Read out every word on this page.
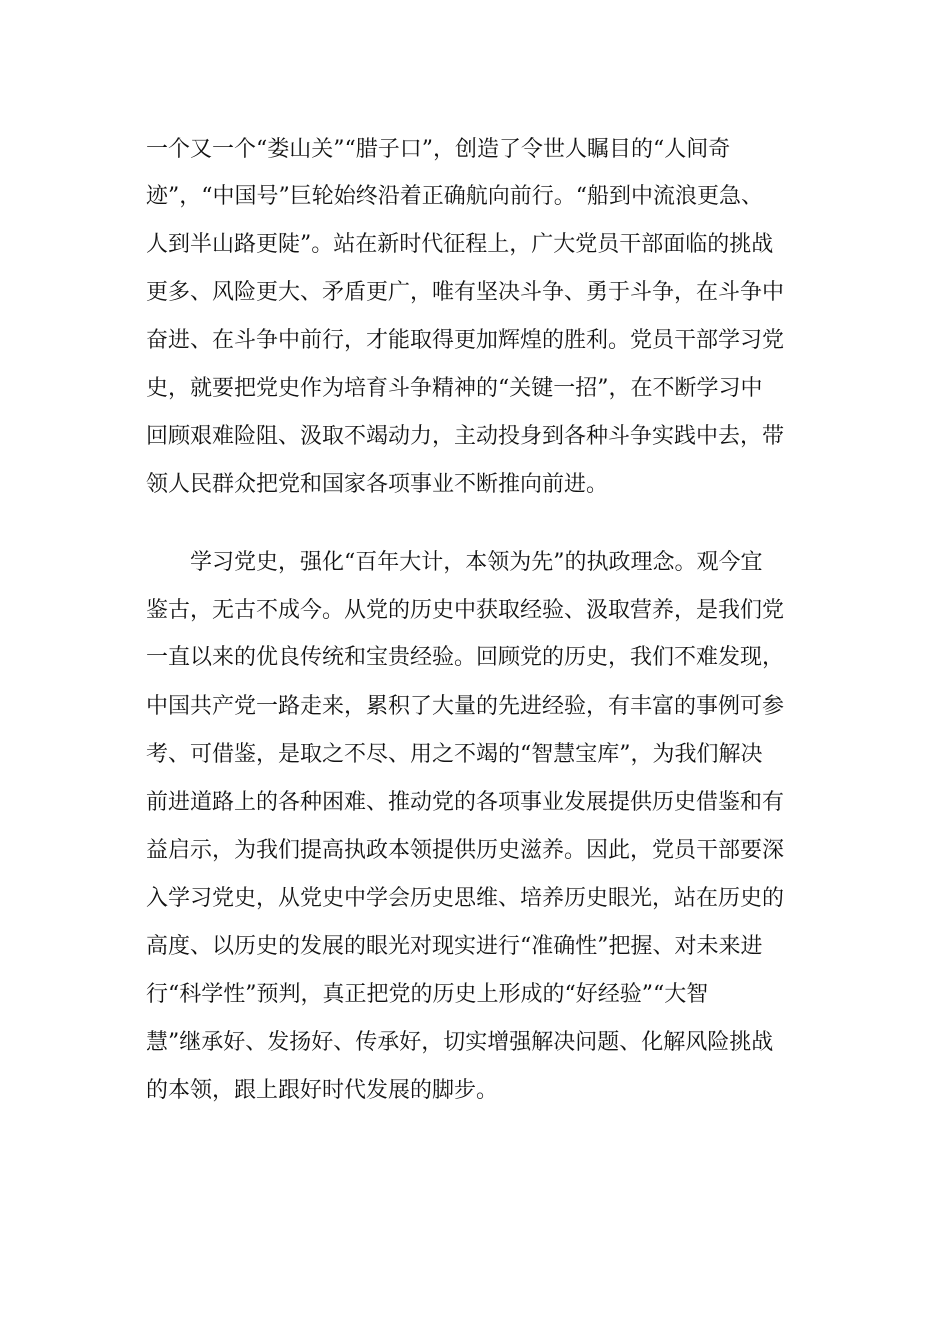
一个又一个“娄山关”“腊子口”，创造了令世人瞩目的“人间奇

迹”，“中国号”巨轮始终沿着正确航向前行。“船到中流浪更急、

人到半山路更陡”。站在新时代征程上，广大党员干部面临的挑战

更多、风险更大、矛盾更广，唯有坚决斗争、勇于斗争，在斗争中

奋进、在斗争中前行，才能取得更加辉煌的胜利。党员干部学习党

史，就要把党史作为培育斗争精神的“关键一招”，在不断学习中

回顾艰难险阻、汲取不竭动力，主动投身到各种斗争实践中去，带

领人民群众把党和国家各项事业不断推向前进。

学习党史，强化“百年大计，本领为先”的执政理念。观今宜

鉴古，无古不成今。从党的历史中获取经验、汲取营养，是我们党

一直以来的优良传统和宝贵经验。回顾党的历史，我们不难发现，

中国共产党一路走来，累积了大量的先进经验，有丰富的事例可参

考、可借鉴，是取之不尽、用之不竭的“智慧宝库”，为我们解决

前进道路上的各种困难、推动党的各项事业发展提供历史借鉴和有

益启示，为我们提高执政本领提供历史滋养。因此，党员干部要深

入学习党史，从党史中学会历史思维、培养历史眼光，站在历史的

高度、以历史的发展的眼光对现实进行“准确性”把握、对未来进

行“科学性”预判，真正把党的历史上形成的“好经验”“大智

慧”继承好、发扬好、传承好，切实增强解决问题、化解风险挑战

的本领，跟上跟好时代发展的脚步。
